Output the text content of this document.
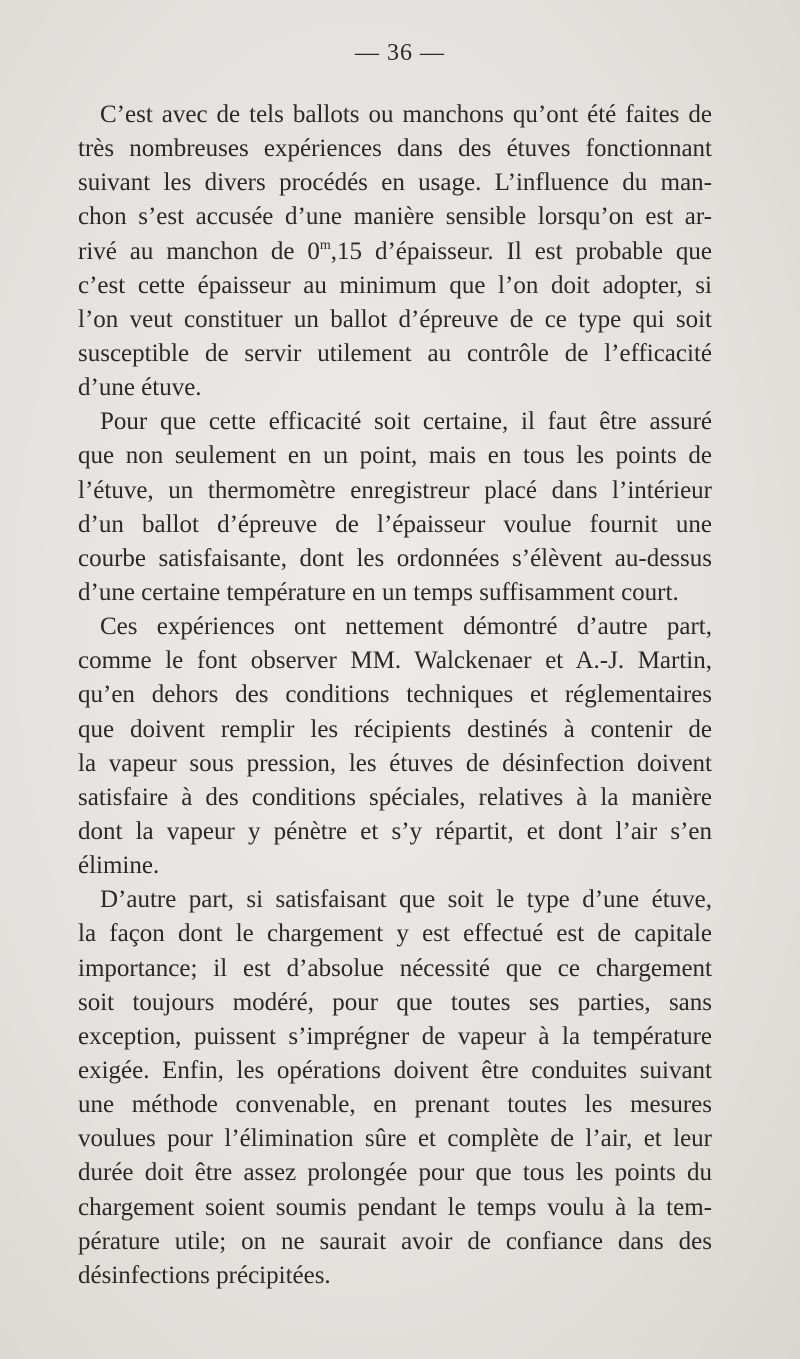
— 36 —
C’est avec de tels ballots ou manchons qu’ont été faites de
très nombreuses expériences dans des étuves fonctionnant
suivant les divers procédés en usage. L’influence du man-
chon s’est accusée d’une manière sensible lorsqu’on est ar-
rivé au manchon de 0$^m$,15 d’épaisseur. Il est probable que
c’est cette épaisseur au minimum que l’on doit adopter, si
l’on veut constituer un ballot d’épreuve de ce type qui soit
susceptible de servir utilement au contrôle de l’efficacité
d’une étuve.
Pour que cette efficacité soit certaine, il faut être assuré
que non seulement en un point, mais en tous les points de
l’étuve, un thermomètre enregistreur placé dans l’intérieur
d’un ballot d’épreuve de l’épaisseur voulue fournit une
courbe satisfaisante, dont les ordonnées s’élèvent au-dessus
d’une certaine température en un temps suffisamment court.
Ces expériences ont nettement démontré d’autre part,
comme le font observer MM. Walckenaer et A.-J. Martin,
qu’en dehors des conditions techniques et réglementaires
que doivent remplir les récipients destinés à contenir de
la vapeur sous pression, les étuves de désinfection doivent
satisfaire à des conditions spéciales, relatives à la manière
dont la vapeur y pénètre et s’y répartit, et dont l’air s’en
élimine.
D’autre part, si satisfaisant que soit le type d’une étuve,
la façon dont le chargement y est effectué est de capitale
importance; il est d’absolue nécessité que ce chargement
soit toujours modéré, pour que toutes ses parties, sans
exception, puissent s’imprégner de vapeur à la température
exigée. Enfin, les opérations doivent être conduites suivant
une méthode convenable, en prenant toutes les mesures
voulues pour l’élimination sûre et complète de l’air, et leur
durée doit être assez prolongée pour que tous les points du
chargement soient soumis pendant le temps voulu à la tem-
pérature utile; on ne saurait avoir de confiance dans des
désinfections précipitées.
